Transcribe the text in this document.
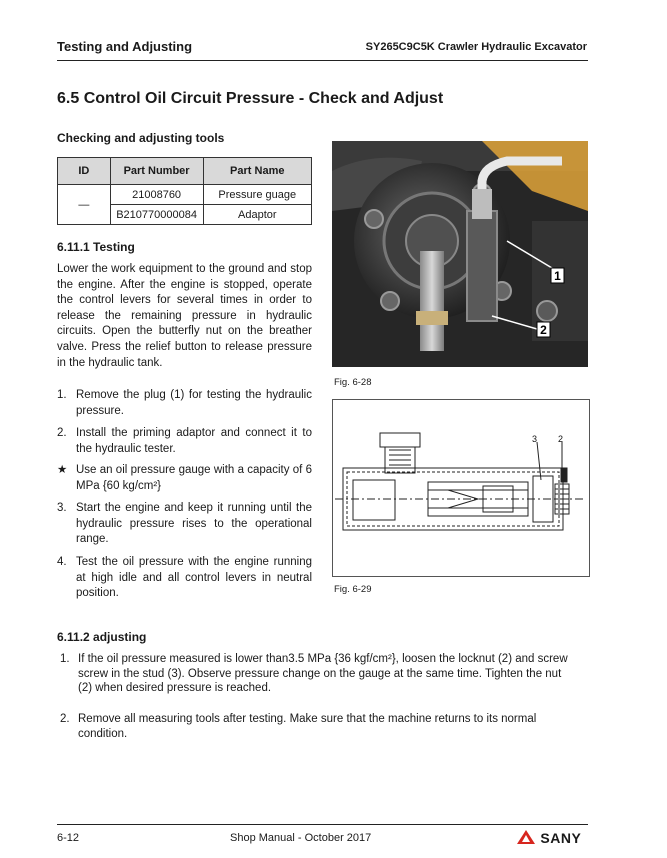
Testing and Adjusting	SY265C9C5K Crawler Hydraulic Excavator
6.5 Control Oil Circuit Pressure - Check and Adjust
Checking and adjusting tools
ID	Part Number	Part Name
—	21008760	Pressure guage
	B210770000084	Adaptor
6.11.1 Testing
Lower the work equipment to the ground and stop the engine. After the engine is stopped, operate the control levers for several times in order to release the remaining pressure in hydraulic circuits. Open the butterfly nut on the breather valve. Press the relief button to release pressure in the hydraulic tank.
1. Remove the plug (1) for testing the hydraulic pressure.
2. Install the priming adaptor and connect it to the hydraulic tester.
★ Use an oil pressure gauge with a capacity of 6 MPa {60 kg/cm²}
3. Start the engine and keep it running until the hydraulic pressure rises to the operational range.
4. Test the oil pressure with the engine running at high idle and all control levers in neutral position.
1
2
Fig. 6-28
3 2
Fig. 6-29
6.11.2 adjusting
1. If the oil pressure measured is lower than3.5 MPa {36 kgf/cm²}, loosen the locknut (2) and screw screw in the stud (3). Observe pressure change on the gauge at the same time. Tighten the nut (2) when desired pressure is reached.
2. Remove all measuring tools after testing. Make sure that the machine returns to its normal condition.
6-12	Shop Manual - October 2017	SANY
